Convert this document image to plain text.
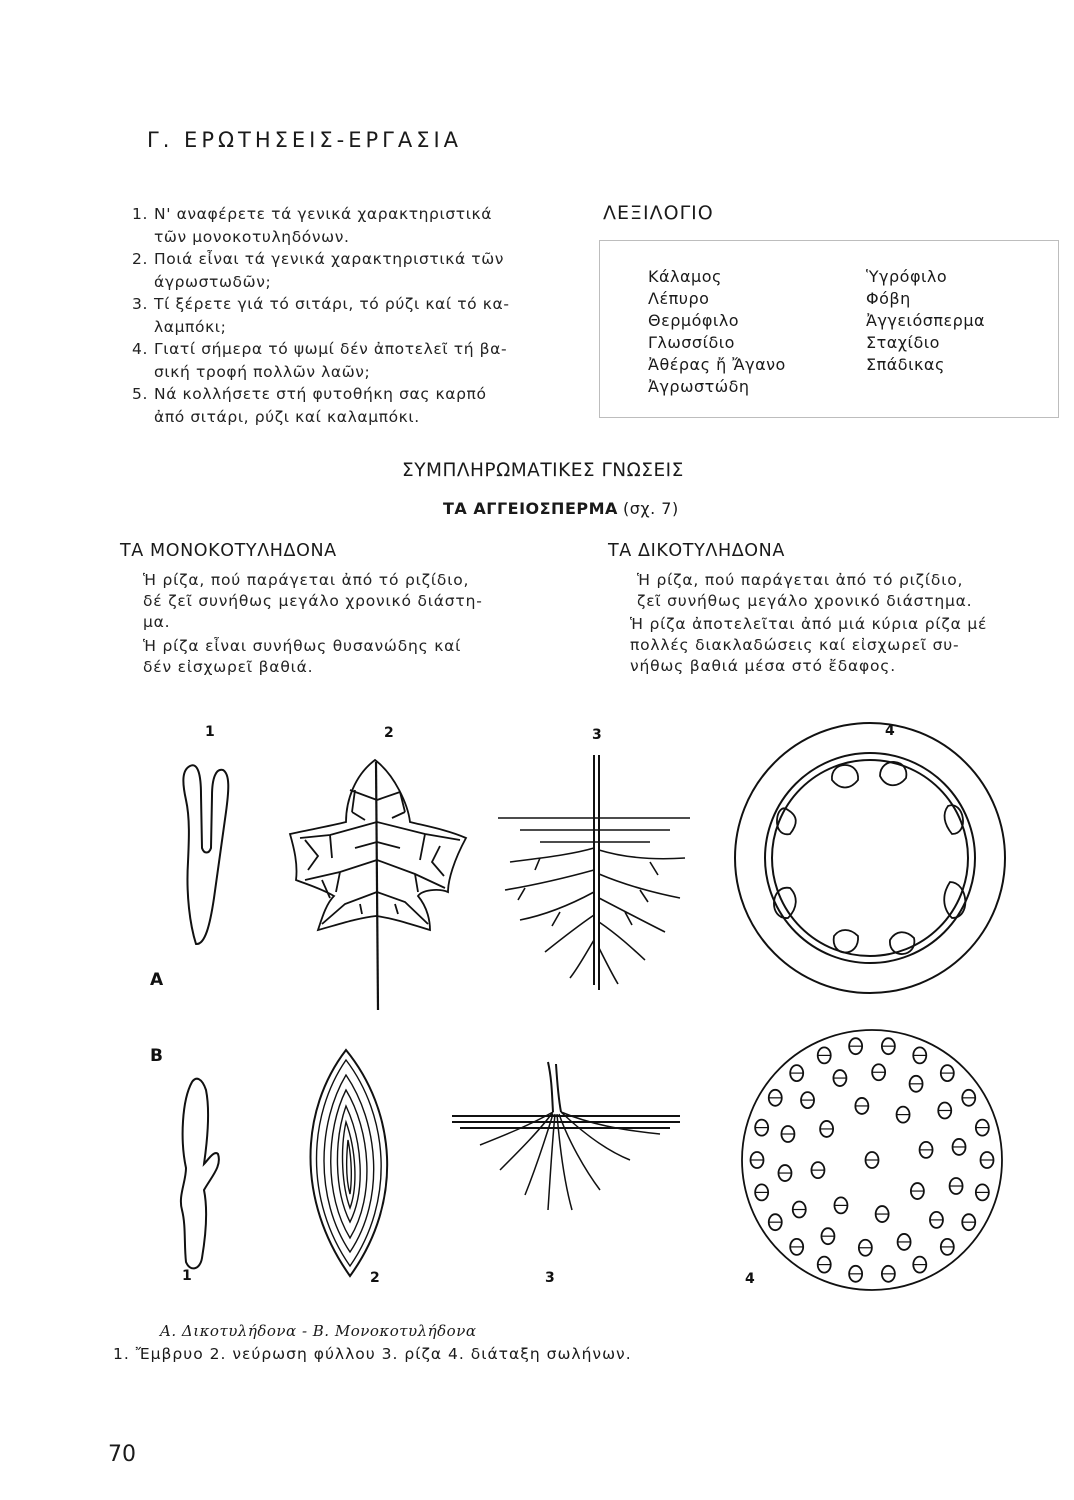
Γ. ΕΡΩΤΗΣΕΙΣ-ΕΡΓΑΣΙΑ
1. Ν' αναφέρετε τά γενικά χαρακτηριστικά
τῶν μονοκοτυληδόνων.
2. Ποιά εἶναι τά γενικά χαρακτηριστικά τῶν
άγρωστωδῶν;
3. Τί ξέρετε γιά τό σιτάρι, τό ρύζι καί τό κα-
λαμπόκι;
4. Γιατί σήμερα τό ψωμί δέν ἀποτελεῖ τή βα-
σική τροφή πολλῶν λαῶν;
5. Νά κολλήσετε στή φυτοθήκη σας καρπό
ἀπό σιτάρι, ρύζι καί καλαμπόκι.
ΛΕΞΙΛΟΓΙΟ
Κάλαμος
Λέπυρο
Θερμόφιλο
Γλωσσίδιο
Ἀθέρας ἤ Ἄγανο
Ἀγρωστώδη
Ὑγρόφιλο
Φόβη
Ἀγγειόσπερμα
Σταχίδιο
Σπάδικας
ΣΥΜΠΛΗΡΩΜΑΤΙΚΕΣ ΓΝΩΣΕΙΣ
ΤΑ ΑΓΓΕΙΟΣΠΕΡΜΑ (σχ. 7)
ΤΑ ΜΟΝΟΚΟΤΥΛΗΔΟΝΑ
Ἡ ρίζα, πού παράγεται ἀπό τό ριζίδιο,
δέ ζεῖ συνήθως μεγάλο χρονικό διάστη-
μα.
Ἡ ρίζα εἶναι συνήθως θυσανώδης καί
δέν εἰσχωρεῖ βαθιά.
ΤΑ ΔΙΚΟΤΥΛΗΔΟΝΑ
Ἡ ρίζα, πού παράγεται ἀπό τό ριζίδιο,
ζεῖ συνήθως μεγάλο χρονικό διάστημα.
Ἡ ρίζα ἀποτελεῖται ἀπό μιά κύρια ρίζα μέ
πολλές διακλαδώσεις καί εἰσχωρεῖ συ-
νήθως βαθιά μέσα στό ἔδαφος.
1	2	3	4
A
B
1	2	3	4
Α. Δικοτυλήδονα - Β. Μονοκοτυλήδονα
1. Ἔμβρυο 2. νεύρωση φύλλου 3. ρίζα 4. διάταξη σωλήνων.
70
